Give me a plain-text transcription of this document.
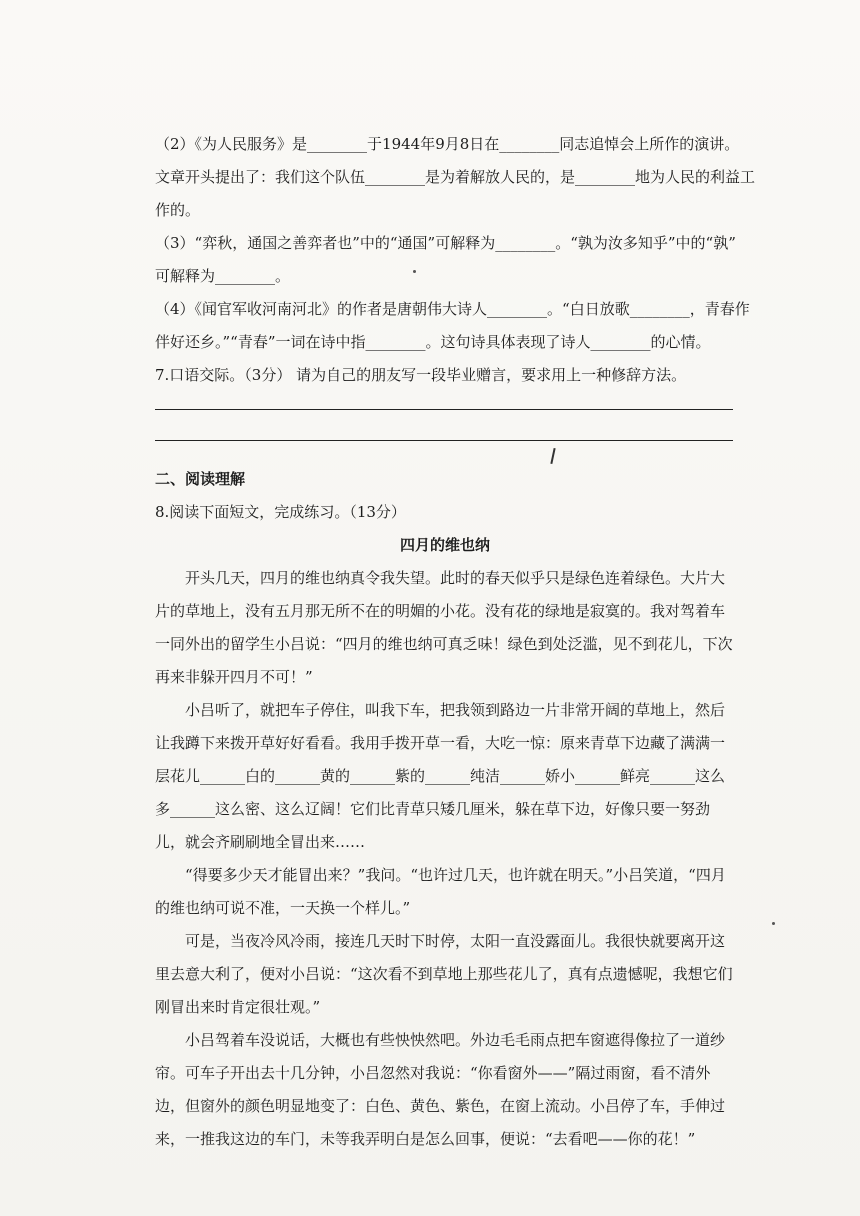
（2）《为人民服务》是________于1944年9月8日在________同志追悼会上所作的演讲。
文章开头提出了：我们这个队伍________是为着解放人民的，是________地为人民的利益工
作的。
（3）“弈秋，通国之善弈者也”中的“通国”可解释为________。“孰为汝多知乎”中的“孰”
可解释为________。
（4）《闻官军收河南河北》的作者是唐朝伟大诗人________。“白日放歌________，青春作
伴好还乡。”“青春”一词在诗中指________。这句诗具体表现了诗人________的心情。
7.口语交际。（3分） 请为自己的朋友写一段毕业赠言，要求用上一种修辞方法。
二、阅读理解
8.阅读下面短文，完成练习。（13分）
四月的维也纳

开头几天，四月的维也纳真令我失望。此时的春天似乎只是绿色连着绿色。大片大片的草地上，没有五月那无所不在的明媚的小花。没有花的绿地是寂寞的。我对驾着车一同外出的留学生小吕说：“四月的维也纳可真乏味！绿色到处泛滥，见不到花儿，下次再来非躲开四月不可！”

小吕听了，就把车子停住，叫我下车，把我领到路边一片非常开阔的草地上，然后让我蹲下来拨开草好好看看。我用手拨开草一看，大吃一惊：原来青草下边藏了满满一层花儿______白的______黄的______紫的______纯洁______娇小______鲜亮______这么多______这么密、这么辽阔！它们比青草只矮几厘米，躲在草下边，好像只要一努劲儿，就会齐刷刷地全冒出来……

“得要多少天才能冒出来？”我问。“也许过几天，也许就在明天。”小吕笑道，“四月的维也纳可说不准，一天换一个样儿。”

可是，当夜冷风冷雨，接连几天时下时停，太阳一直没露面儿。我很快就要离开这里去意大利了，便对小吕说：“这次看不到草地上那些花儿了，真有点遗憾呢，我想它们刚冒出来时肯定很壮观。”

小吕驾着车没说话，大概也有些怏怏然吧。外边毛毛雨点把车窗遮得像拉了一道纱帘。可车子开出去十几分钟，小吕忽然对我说：“你看窗外——”隔过雨窗，看不清外边，但窗外的颜色明显地变了：白色、黄色、紫色，在窗上流动。小吕停了车，手伸过来，一推我这边的车门，未等我弄明白是怎么回事，便说：“去看吧——你的花！”
